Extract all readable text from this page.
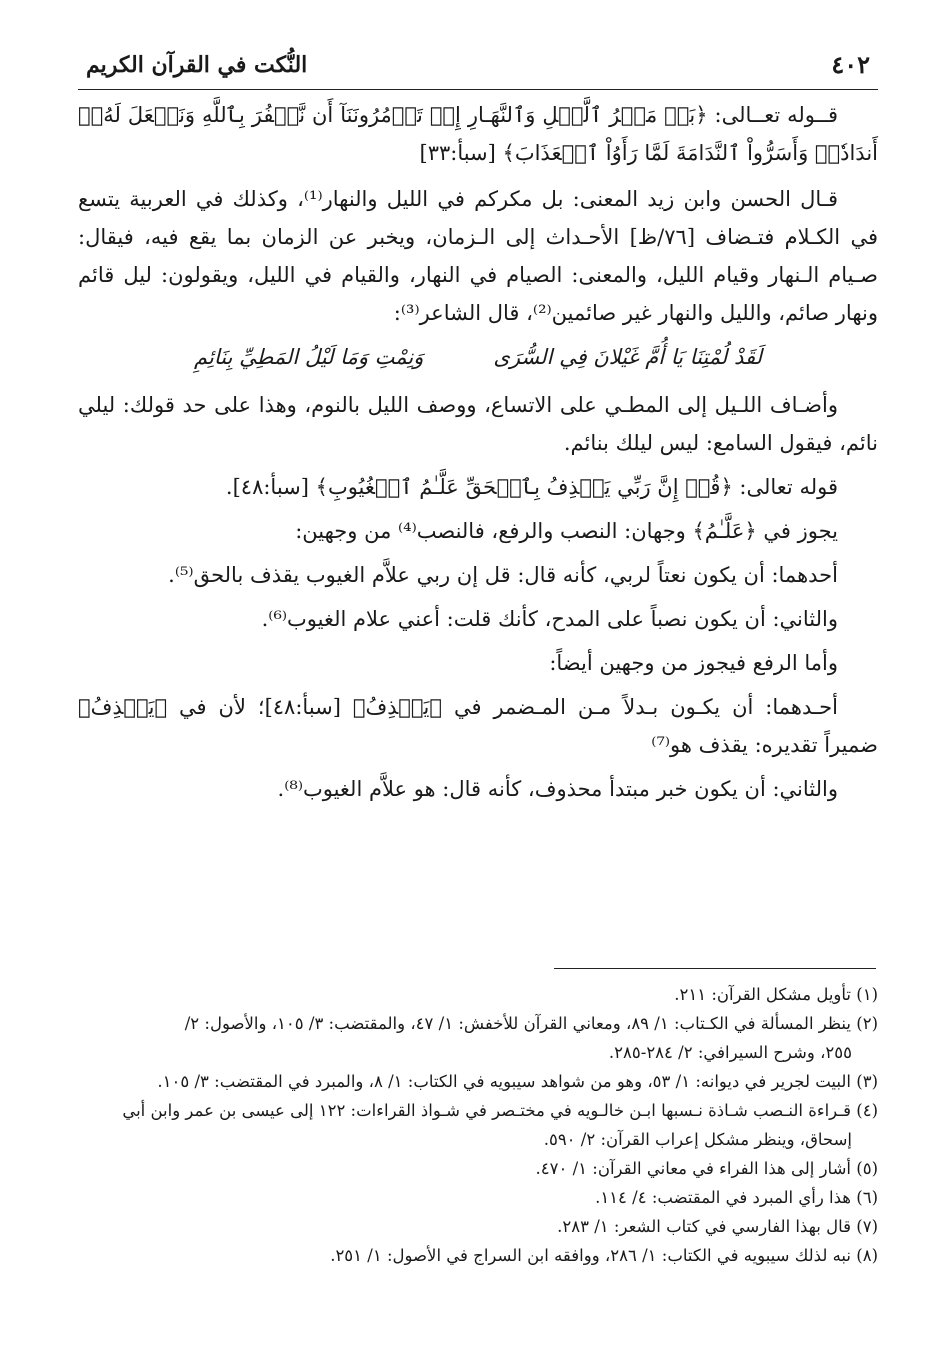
٤٠٢
النُّكت في القرآن الكريم

قــوله تعــالى: ﴿بَلۡ مَكۡرُ ٱلَّيۡلِ وَٱلنَّهَـارِ إِذۡ تَأۡمُرُونَنَآ أَن نَّكۡفُرَ بِٱللَّهِ وَنَجۡعَلَ لَهُۥٓ أَندَادٗاۚ وَأَسَرُّواْ ٱلنَّدَامَةَ لَمَّا رَأَوُاْ ٱلۡعَذَابَ﴾ [سبأ:٣٣]

قـال الحسن وابن زيد المعنى: بل مكركم في الليل والنهار⁽¹⁾، وكذلك في العربية يتسع في الكـلام فتـضاف [٧٦/ظ] الأحـداث إلى الـزمان، ويخبر عن الزمان بما يقع فيه، فيقال: صـيام الـنهار وقيام الليل، والمعنى: الصيام في النهار، والقيام في الليل، ويقولون: ليل قائم ونهار صائم، والليل والنهار غير صائمين⁽²⁾، قال الشاعر⁽³⁾:

لَقَدْ لُمْتِنَا يَا أُمَّ غَيْلانَ فِي السُّرَى
وَنِمْتِ وَمَا لَيْلُ المَطِيِّ بِنَائِمِ

وأضـاف اللـيل إلى المطـي على الاتساع، ووصف الليل بالنوم، وهذا على حد قولك: ليلي نائم، فيقول السامع: ليس ليلك بنائم.

قوله تعالى: ﴿قُلۡ إِنَّ رَبِّي يَقۡذِفُ بِٱلۡحَقِّ عَلَّـٰمُ ٱلۡغُيُوبِ﴾ [سبأ:٤٨].

يجوز في ﴿عَلَّـٰمُ﴾ وجهان: النصب والرفع، فالنصب⁽⁴⁾ من وجهين:

أحدهما: أن يكون نعتاً لربي، كأنه قال: قل إن ربي علاَّم الغيوب يقذف بالحق⁽⁵⁾.

والثاني: أن يكون نصباً على المدح، كأنك قلت: أعني علام الغيوب⁽⁶⁾.

وأما الرفع فيجوز من وجهين أيضاً:

أحـدهما: أن يكـون بـدلاً مـن المـضمر في ﴿يَقۡذِفُ﴾ [سبأ:٤٨]؛ لأن في ﴿يَقۡذِفُ﴾ ضميراً تقديره: يقذف هو⁽⁷⁾

والثاني: أن يكون خبر مبتدأ محذوف، كأنه قال: هو علاَّم الغيوب⁽⁸⁾.

(١) تأويل مشكل القرآن: ٢١١.
(٢) ينظر المسألة في الكـتاب: ١/ ٨٩، ومعاني القرآن للأخفش: ١/ ٤٧، والمقتضب: ٣/ ١٠٥، والأصول: ٢/
٢٥٥، وشرح السيرافي: ٢/ ٢٨٤-٢٨٥.
(٣) البيت لجرير في ديوانه: ١/ ٥٣، وهو من شواهد سيبويه في الكتاب: ١/ ٨، والمبرد في المقتضب: ٣/ ١٠٥.
(٤) قـراءة النـصب شـاذة نـسبها ابـن خالـويه في مختـصر في شـواذ القراءات: ١٢٢ إلى عيسى بن عمر وابن أبي
إسحاق، وينظر مشكل إعراب القرآن: ٢/ ٥٩٠.
(٥) أشار إلى هذا الفراء في معاني القرآن: ١/ ٤٧٠.
(٦) هذا رأي المبرد في المقتضب: ٤/ ١١٤.
(٧) قال بهذا الفارسي في كتاب الشعر: ١/ ٢٨٣.
(٨) نبه لذلك سيبويه في الكتاب: ١/ ٢٨٦، ووافقه ابن السراج في الأصول: ١/ ٢٥١.
